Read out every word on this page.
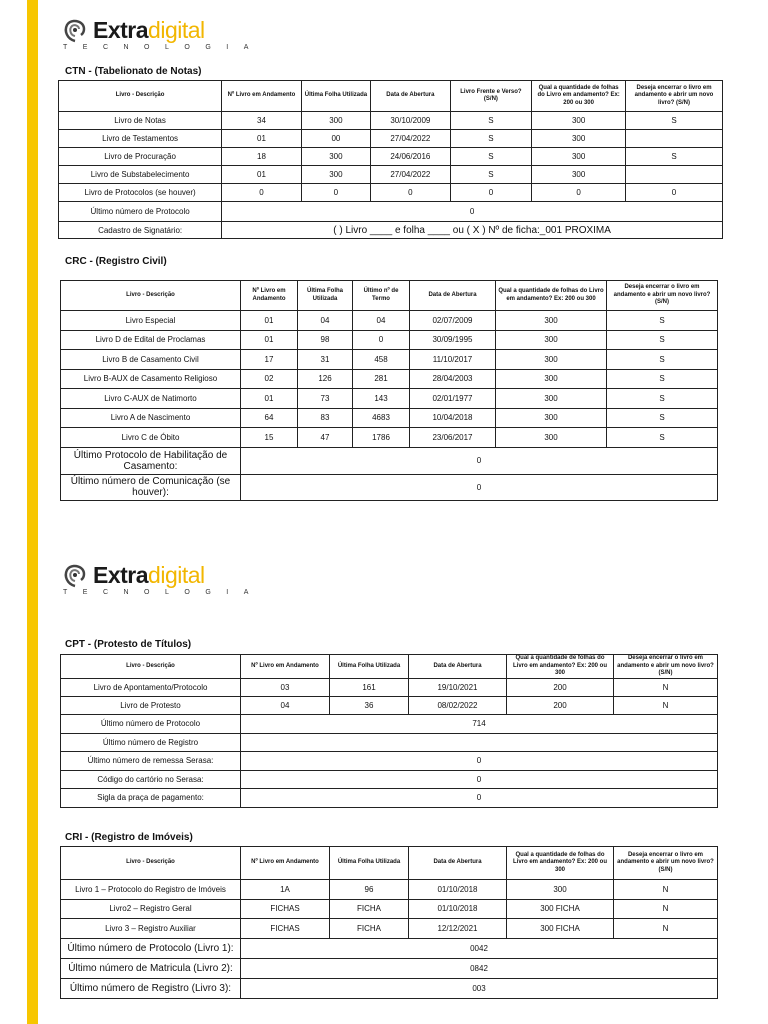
Extradigital
TECNOLOGIA
CTN - (Tabelionato de Notas)
Livro - Descrição	Nº Livro em Andamento	Última Folha Utilizada	Data de Abertura	Livro Frente e Verso? (S/N)	Qual a quantidade de folhas do Livro em andamento? Ex: 200 ou 300	Deseja encerrar o livro em andamento e abrir um novo livro? (S/N)
Livro de Notas	34	300	30/10/2009	S	300	S
Livro de Testamentos	01	00	27/04/2022	S	300	
Livro de Procuração	18	300	24/06/2016	S	300	S
Livro de Substabelecimento	01	300	27/04/2022	S	300	
Livro de Protocolos (se houver)	0	0	0	0	0	0
Último número de Protocolo	0					
Cadastro de Signatário:	( ) Livro ____ e folha ____ ou ( X ) Nº de ficha:_001 PROXIMA					
CRC - (Registro Civil)
Livro - Descrição	Nº Livro em Andamento	Última Folha Utilizada	Último nº de Termo	Data de Abertura	Qual a quantidade de folhas do Livro em andamento? Ex: 200 ou 300	Deseja encerrar o livro em andamento e abrir um novo livro? (S/N)
Livro Especial	01	04	04	02/07/2009	300	S
Livro D de Edital de Proclamas	01	98	0	30/09/1995	300	S
Livro B de Casamento Civil	17	31	458	11/10/2017	300	S
Livro B-AUX de Casamento Religioso	02	126	281	28/04/2003	300	S
Livro C-AUX de Natimorto	01	73	143	02/01/1977	300	S
Livro A de Nascimento	64	83	4683	10/04/2018	300	S
Livro C de Óbito	15	47	1786	23/06/2017	300	S
Último Protocolo de Habilitação de Casamento:	0					
Último número de Comunicação (se houver):	0					
Extradigital
TECNOLOGIA
CPT - (Protesto de Títulos)
Livro - Descrição	Nº Livro em Andamento	Última Folha Utilizada	Data de Abertura	Qual a quantidade de folhas do Livro em andamento? Ex: 200 ou 300	Deseja encerrar o livro em andamento e abrir um novo livro? (S/N)
Livro de Apontamento/Protocolo	03	161	19/10/2021	200	N
Livro de Protesto	04	36	08/02/2022	200	N
Último número de Protocolo	714				
Último número de Registro					
Último número de remessa Serasa:	0				
Código do cartório no Serasa:	0				
Sigla da praça de pagamento:	0				
CRI - (Registro de Imóveis)
Livro - Descrição	Nº Livro em Andamento	Última Folha Utilizada	Data de Abertura	Qual a quantidade de folhas do Livro em andamento? Ex: 200 ou 300	Deseja encerrar o livro em andamento e abrir um novo livro? (S/N)
Livro 1 – Protocolo do Registro de Imóveis	1A	96	01/10/2018	300	N
Livro2 – Registro Geral	FICHAS	FICHA	01/10/2018	300 FICHA	N
Livro 3 – Registro Auxiliar	FICHAS	FICHA	12/12/2021	300 FICHA	N
Último número de Protocolo (Livro 1):	0042				
Último número de Matricula (Livro 2):	0842				
Último número de Registro (Livro 3):	003				
